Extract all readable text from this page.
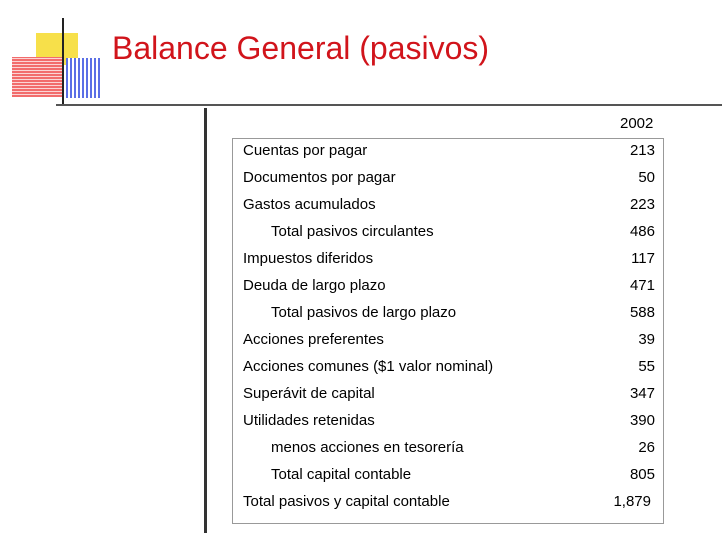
Balance General (pasivos)
2002
Cuentas por pagar	213
Documentos por pagar	50
Gastos acumulados	223
Total pasivos circulantes	486
Impuestos diferidos	117
Deuda de largo plazo	471
Total pasivos de largo plazo	588
Acciones preferentes	39
Acciones comunes ($1 valor nominal)	55
Superávit de capital	347
Utilidades retenidas	390
menos acciones en tesorería	26
Total capital contable	805
Total pasivos y capital contable	1,879
